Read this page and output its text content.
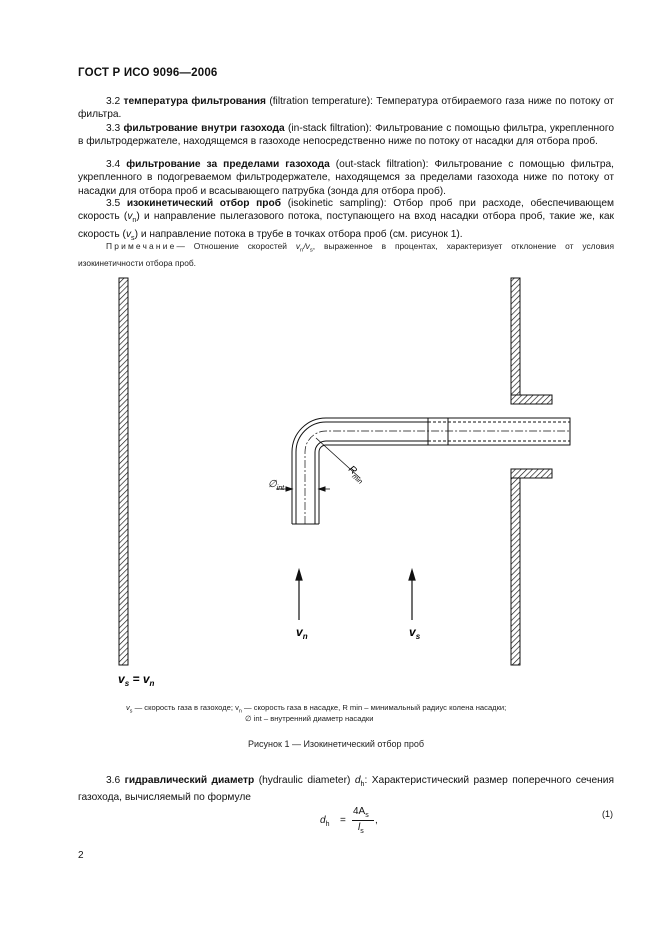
ГОСТ Р ИСО 9096—2006
3.2 температура фильтрования (filtration temperature): Температура отбираемого газа ниже по потоку от фильтра.
3.3 фильтрование внутри газохода (in-stack filtration): Фильтрование с помощью фильтра, укрепленного в фильтродержателе, находящемся в газоходе непосредственно ниже по потоку от насадки для отбора проб.
3.4 фильтрование за пределами газохода (out-stack filtration): Фильтрование с помощью фильтра, укрепленного в подогреваемом фильтродержателе, находящемся за пределами газохода ниже по потоку от насадки для отбора проб и всасывающего патрубка (зонда для отбора проб).
3.5 изокинетический отбор проб (isokinetic sampling): Отбор проб при расходе, обеспечивающем скорость $(v_n)$ и направление пылегазового потока, поступающего на вход насадки отбора проб, такие же, как скорость $(v_s)$ и направление потока в трубе в точках отбора проб (см. рисунок 1).
Примечание— Отношение скоростей $v_n/v_s$, выраженное в процентах, характеризует отклонение от условия изокинетичности отбора проб.
$\emptyset_{int}$
$R_{min}$
$v_n$	$v_s$
$v_s = v_n$
$v_s$ — скорость газа в газоходе; $v_n$ — скорость газа в насадке, R min – минимальный радиус колена насадки;
∅ int – внутренний диаметр насадки
Рисунок 1 — Изокинетический отбор проб
3.6 гидравлический диаметр (hydraulic diameter) $d_h$: Характеристический размер поперечного сечения газохода, вычисляемый по формуле
$d_h$ =
$4A_s$
$l_s$
,
(1)
2
